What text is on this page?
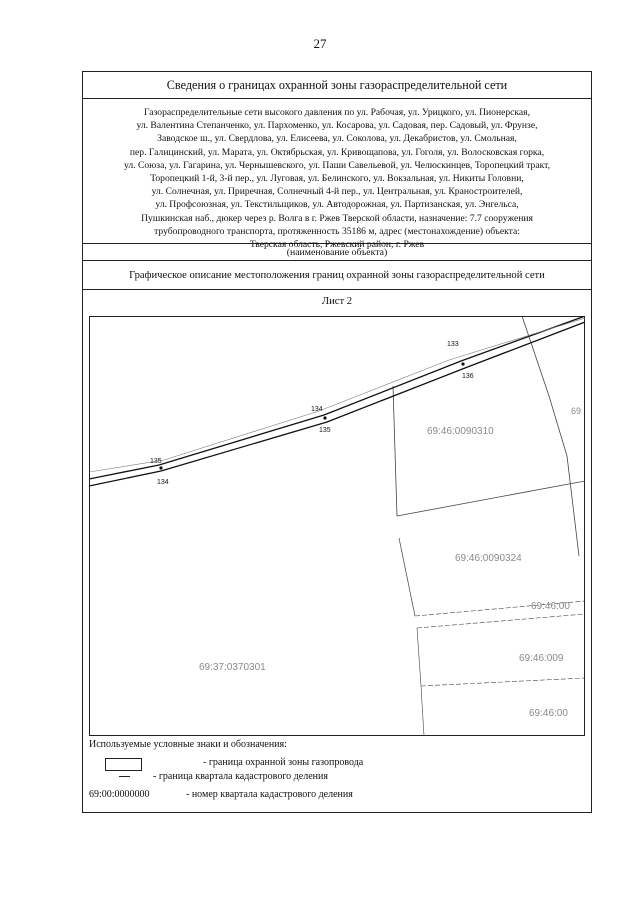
27
Сведения о границах охранной зоны газораспределительной сети
Газораспределительные сети высокого давления по ул. Рабочая, ул. Урицкого, ул. Пионерская,
ул. Валентина Степанченко, ул. Пархоменко, ул. Косарова, ул. Садовая, пер. Садовый, ул. Фрунзе,
Заводское ш., ул. Свердлова, ул. Елисеева, ул. Соколова, ул. Декабристов, ул. Смольная,
пер. Галицинский, ул. Марата, ул. Октябрьская, ул. Кривощапова, ул. Гоголя, ул. Волосковская горка,
ул. Союза, ул. Гагарина, ул. Чернышевского, ул. Паши Савельевой, ул. Челюскинцев, Торопецкий тракт,
Торопецкий 1-й, 3-й пер., ул. Луговая, ул. Белинского, ул. Вокзальная, ул. Никиты Головни,
ул. Солнечная, ул. Приречная, Солнечный 4-й пер., ул. Центральная, ул. Краностроителей,
ул. Профсоюзная, ул. Текстильщиков, ул. Автодорожная, ул. Партизанская, ул. Энгельса,
Пушкинская наб., дюкер через р. Волга в г. Ржев Тверской области, назначение: 7.7 сооружения
трубопроводного транспорта, протяженность 35186 м, адрес (местонахождение) объекта:
Тверская область, Ржевский район, г. Ржев
(наименование объекта)
Графическое описание местоположения границ охранной зоны газораспределительной сети
Лист 2
133
136
134
135
135
134
69:46:0090310
69:46:0090324
69:46:00
69:37:0370301
69:46:009
69:46:00
69
Используемые условные знаки и обозначения:
- граница охранной зоны газопровода
- граница квартала кадастрового деления
69:00:0000000	- номер квартала кадастрового деления
